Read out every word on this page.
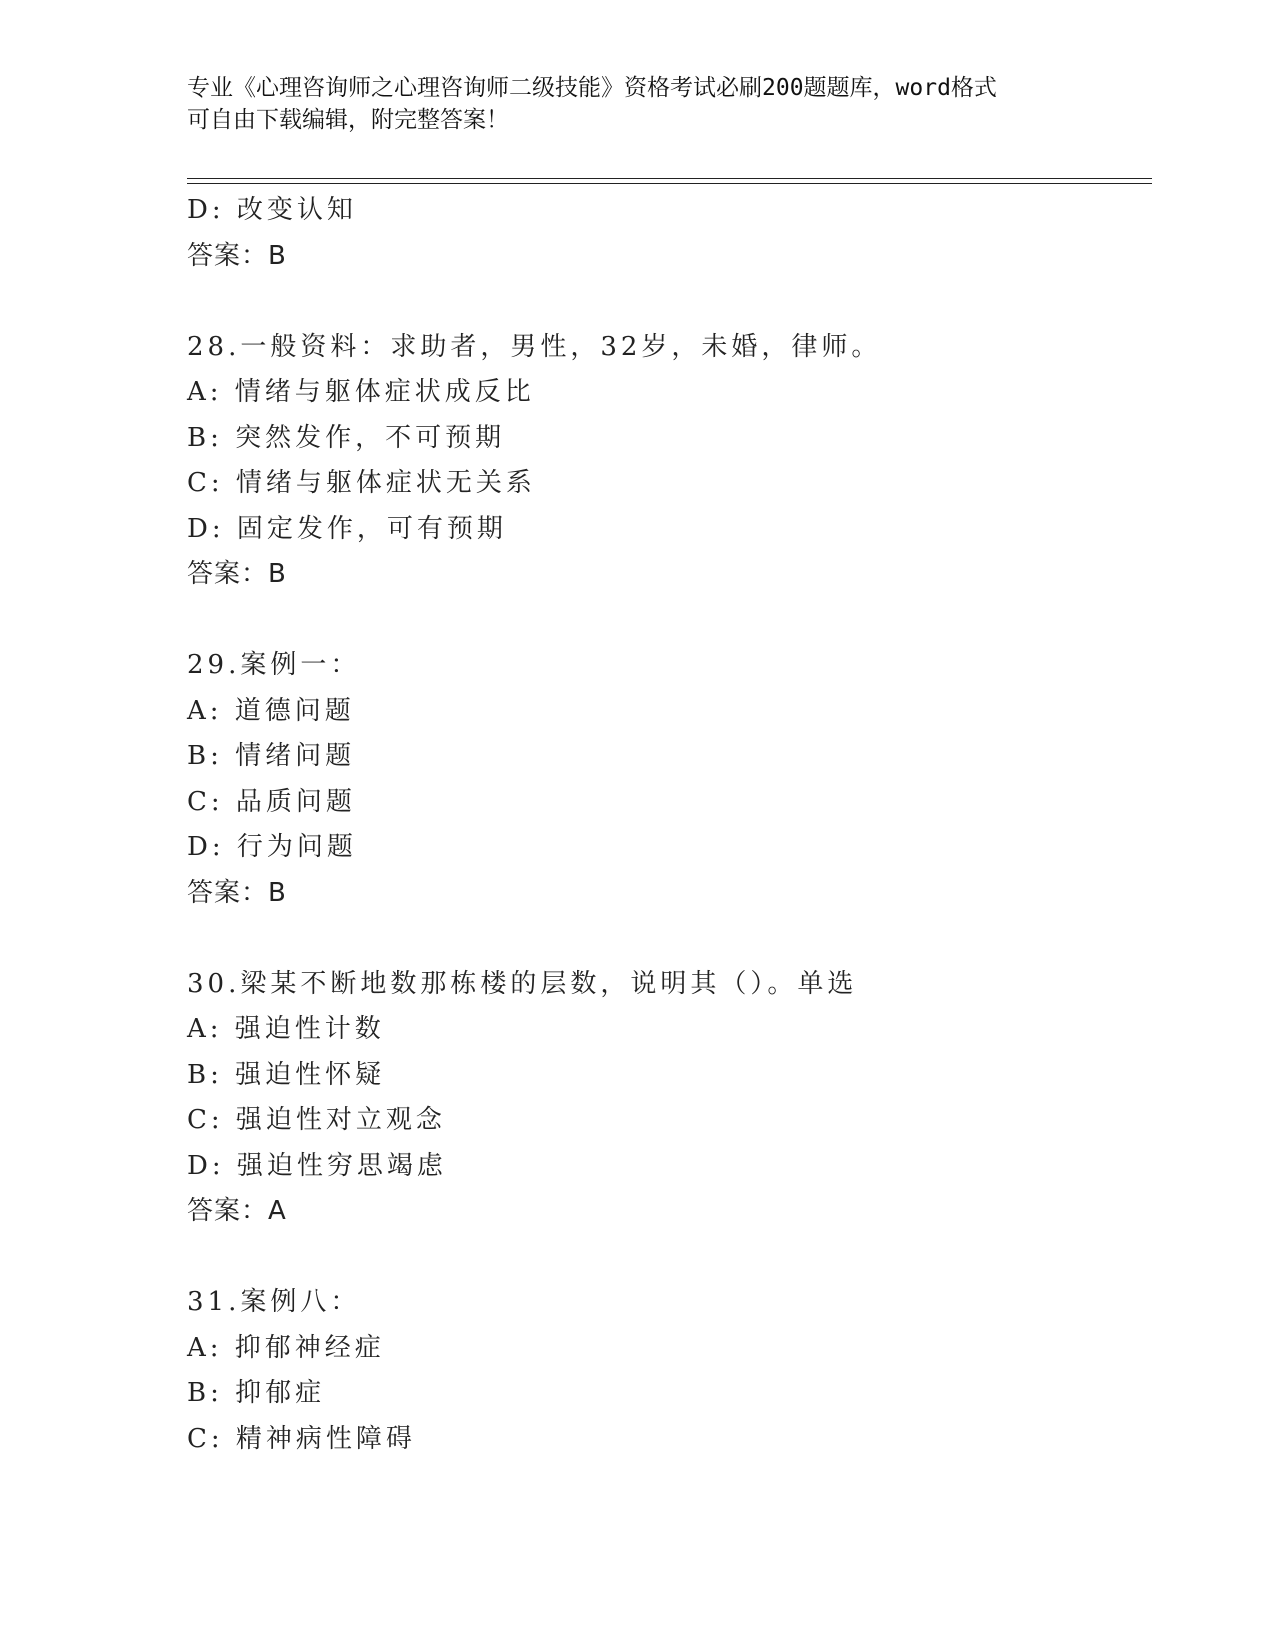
专业《心理咨询师之心理咨询师二级技能》资格考试必刷200题题库，word格式
可自由下载编辑，附完整答案！
D: 改变认知
答案：B
28.一般资料：求助者，男性，32岁，未婚，律师。
A: 情绪与躯体症状成反比
B: 突然发作，不可预期
C: 情绪与躯体症状无关系
D: 固定发作，可有预期
答案：B
29.案例一：
A: 道德问题
B: 情绪问题
C: 品质问题
D: 行为问题
答案：B
30.梁某不断地数那栋楼的层数，说明其（）。单选
A: 强迫性计数
B: 强迫性怀疑
C: 强迫性对立观念
D: 强迫性穷思竭虑
答案：A
31.案例八：
A: 抑郁神经症
B: 抑郁症
C: 精神病性障碍
